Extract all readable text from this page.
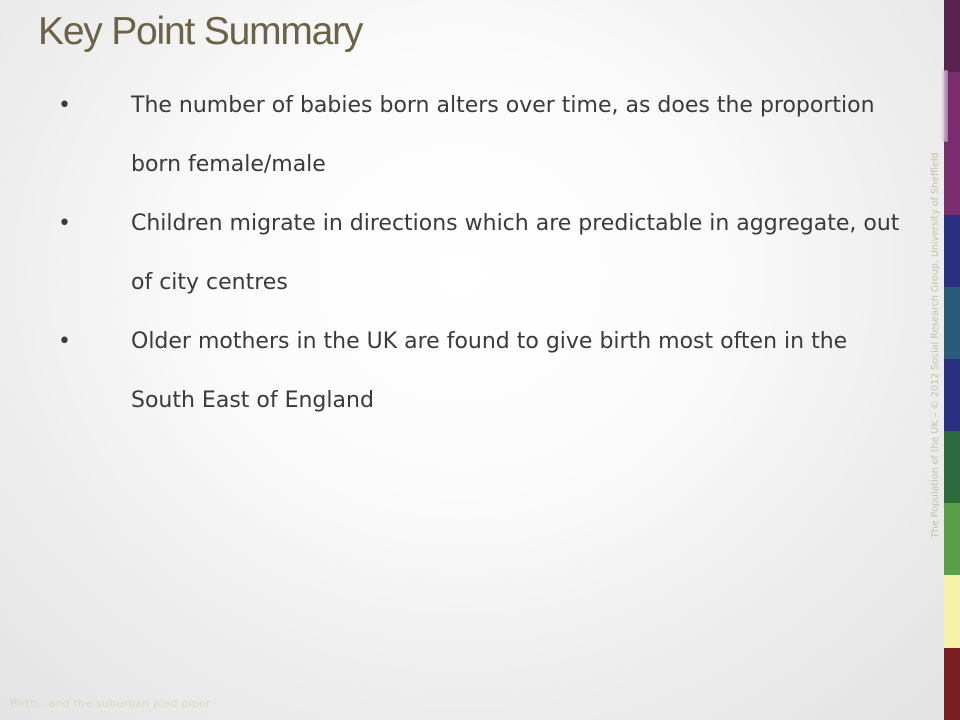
Key Point Summary
•	The number of babies born alters over time, as does the proportion born female/male
•	Children migrate in directions which are predictable in aggregate, out of city centres
•	Older mothers in the UK are found to give birth most often in the South East of England	The Population of the UK – © 2012 Social Research Group, University of Sheffield
Birth…and the suburban pied piper
